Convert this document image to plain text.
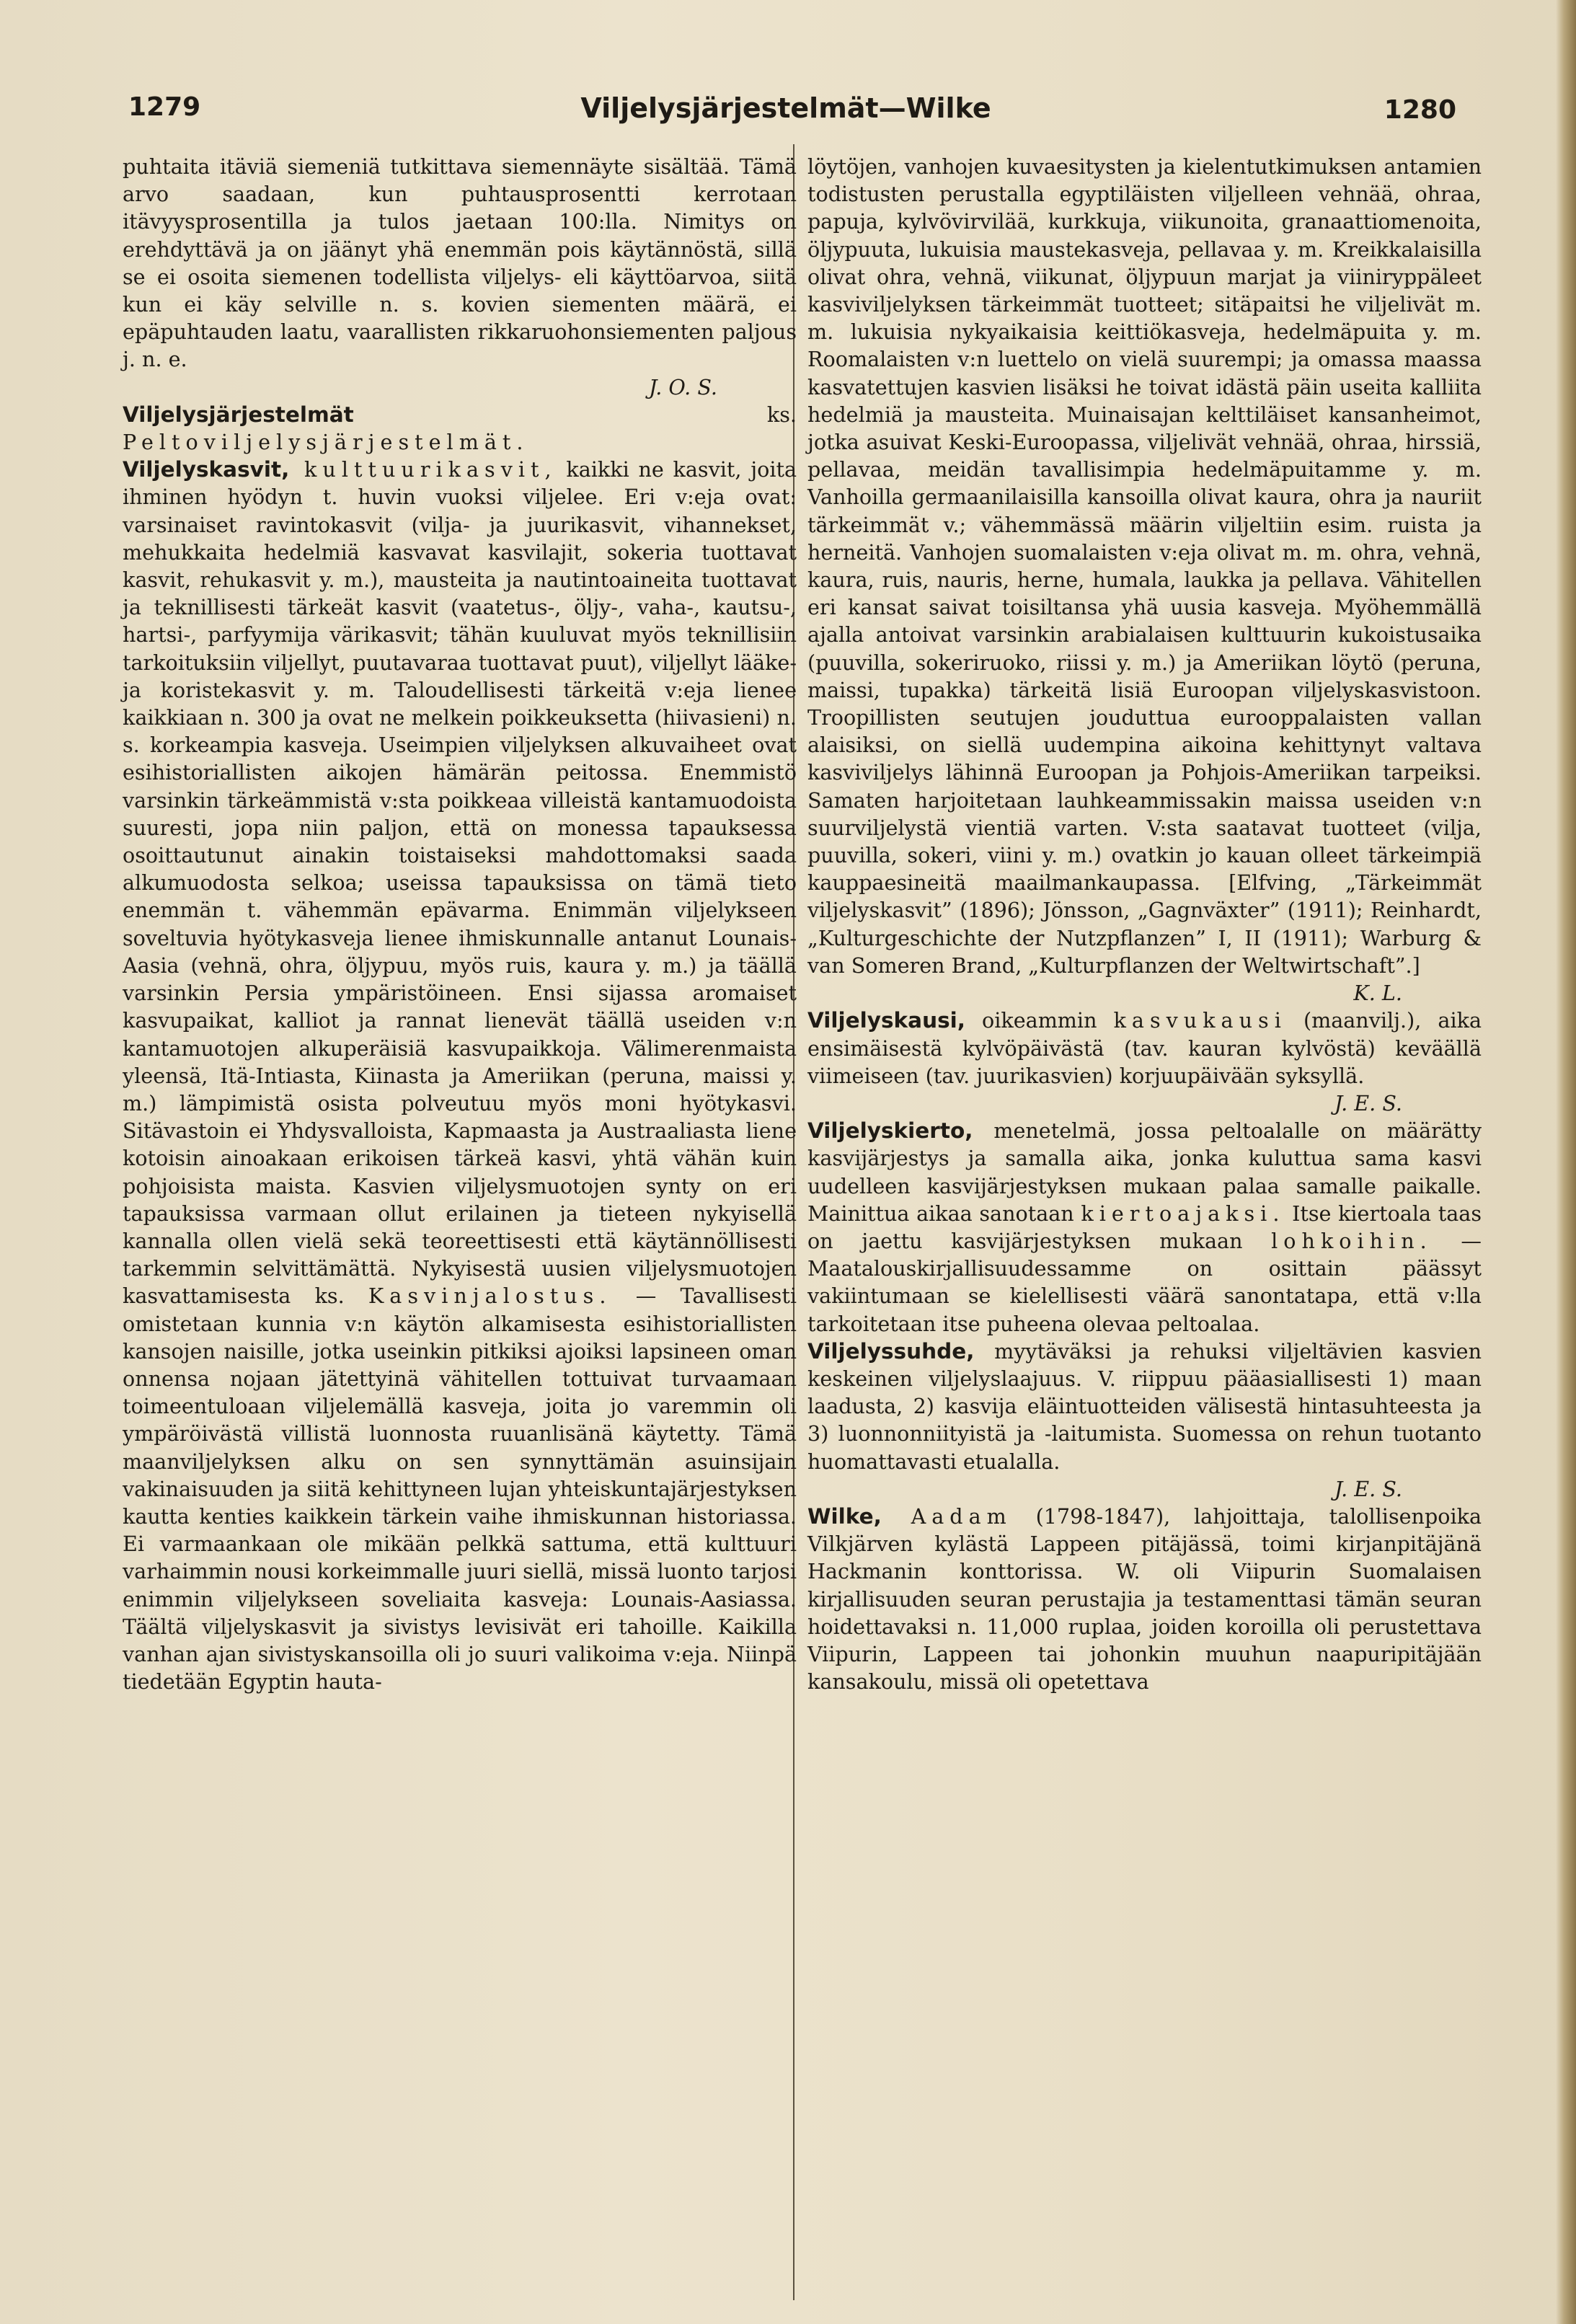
1279	Viljelysjärjestelmät—Wilke	1280

puhtaita itäviä siemeniä tutkittava siemennäyte sisältää. Tämä arvo saadaan, kun puhtausprosentti kerrotaan itävyysprosentilla ja tulos jaetaan 100:lla. Nimitys on erehdyttävä ja on jäänyt yhä enemmän pois käytännöstä, sillä se ei osoita siemenen todellista viljelys- eli käyttöarvoa, siitä kun ei käy selville n. s. kovien siementen määrä, ei epäpuhtauden laatu, vaarallisten rikkaruohonsiementen paljous j. n. e.

J. O. S.

Viljelysjärjestelmät ks. Peltoviljelysjärjestelmät.

Viljelyskasvit, kulttuurikasvit, kaikki ne kasvit, joita ihminen hyödyn t. huvin vuoksi viljelee. Eri v:eja ovat: varsinaiset ravintokasvit (vilja- ja juurikasvit, vihannekset, mehukkaita hedelmiä kasvavat kasvilajit, sokeria tuottavat kasvit, rehukasvit y. m.), mausteita ja nautintoaineita tuottavat ja teknillisesti tärkeät kasvit (vaatetus-, öljy-, vaha-, kautsu-, hartsi-, parfyymija värikasvit; tähän kuuluvat myös teknillisiin tarkoituksiin viljellyt, puutavaraa tuottavat puut), viljellyt lääke- ja koristekasvit y. m. Taloudellisesti tärkeitä v:eja lienee kaikkiaan n. 300 ja ovat ne melkein poikkeuksetta (hiivasieni) n. s. korkeampia kasveja. Useimpien viljelyksen alkuvaiheet ovat esihistoriallisten aikojen hämärän peitossa. Enemmistö varsinkin tärkeämmistä v:sta poikkeaa villeistä kantamuodoista suuresti, jopa niin paljon, että on monessa tapauksessa osoittautunut ainakin toistaiseksi mahdottomaksi saada alkumuodosta selkoa; useissa tapauksissa on tämä tieto enemmän t. vähemmän epävarma. Enimmän viljelykseen soveltuvia hyötykasveja lienee ihmiskunnalle antanut Lounais-Aasia (vehnä, ohra, öljypuu, myös ruis, kaura y. m.) ja täällä varsinkin Persia ympäristöineen. Ensi sijassa aromaiset kasvupaikat, kalliot ja rannat lienevät täällä useiden v:n kantamuotojen alkuperäisiä kasvupaikkoja. Välimerenmaista yleensä, Itä-Intiasta, Kiinasta ja Ameriikan (peruna, maissi y. m.) lämpimistä osista polveutuu myös moni hyötykasvi. Sitävastoin ei Yhdysvalloista, Kapmaasta ja Austraaliasta liene kotoisin ainoakaan erikoisen tärkeä kasvi, yhtä vähän kuin pohjoisista maista. Kasvien viljelysmuotojen synty on eri tapauksissa varmaan ollut erilainen ja tieteen nykyisellä kannalla ollen vielä sekä teoreettisesti että käytännöllisesti tarkemmin selvittämättä. Nykyisestä uusien viljelysmuotojen kasvattamisesta ks. Kasvinjalostus. — Tavallisesti omistetaan kunnia v:n käytön alkamisesta esihistoriallisten kansojen naisille, jotka useinkin pitkiksi ajoiksi lapsineen oman onnensa nojaan jätettyinä vähitellen tottuivat turvaamaan toimeentuloaan viljelemällä kasveja, joita jo varemmin oli ympäröivästä villistä luonnosta ruuanlisänä käytetty. Tämä maanviljelyksen alku on sen synnyttämän asuinsijain vakinaisuuden ja siitä kehittyneen lujan yhteiskuntajärjestyksen kautta kenties kaikkein tärkein vaihe ihmiskunnan historiassa. Ei varmaankaan ole mikään pelkkä sattuma, että kulttuuri varhaimmin nousi korkeimmalle juuri siellä, missä luonto tarjosi enimmin viljelykseen soveliaita kasveja: Lounais-Aasiassa. Täältä viljelyskasvit ja sivistys levisivät eri tahoille. Kaikilla vanhan ajan sivistyskansoilla oli jo suuri valikoima v:eja. Niinpä tiedetään Egyptin hauta-

löytöjen, vanhojen kuvaesitysten ja kielentutkimuksen antamien todistusten perustalla egyptiläisten viljelleen vehnää, ohraa, papuja, kylvövirvilää, kurkkuja, viikunoita, granaattiomenoita, öljypuuta, lukuisia maustekasveja, pellavaa y. m. Kreikkalaisilla olivat ohra, vehnä, viikunat, öljypuun marjat ja viiniryppäleet kasviviljelyksen tärkeimmät tuotteet; sitäpaitsi he viljelivät m. m. lukuisia nykyaikaisia keittiökasveja, hedelmäpuita y. m. Roomalaisten v:n luettelo on vielä suurempi; ja omassa maassa kasvatettujen kasvien lisäksi he toivat idästä päin useita kalliita hedelmiä ja mausteita. Muinaisajan kelttiläiset kansanheimot, jotka asuivat Keski-Euroopassa, viljelivät vehnää, ohraa, hirssiä, pellavaa, meidän tavallisimpia hedelmäpuitamme y. m. Vanhoilla germaanilaisilla kansoilla olivat kaura, ohra ja nauriit tärkeimmät v.; vähemmässä määrin viljeltiin esim. ruista ja herneitä. Vanhojen suomalaisten v:eja olivat m. m. ohra, vehnä, kaura, ruis, nauris, herne, humala, laukka ja pellava. Vähitellen eri kansat saivat toisiltansa yhä uusia kasveja. Myöhemmällä ajalla antoivat varsinkin arabialaisen kulttuurin kukoistusaika (puuvilla, sokeriruoko, riissi y. m.) ja Ameriikan löytö (peruna, maissi, tupakka) tärkeitä lisiä Euroopan viljelyskasvistoon. Troopillisten seutujen jouduttua eurooppalaisten vallan alaisiksi, on siellä uudempina aikoina kehittynyt valtava kasviviljelys lähinnä Euroopan ja Pohjois-Ameriikan tarpeiksi. Samaten harjoitetaan lauhkeammissakin maissa useiden v:n suurviljelystä vientiä varten. V:sta saatavat tuotteet (vilja, puuvilla, sokeri, viini y. m.) ovatkin jo kauan olleet tärkeimpiä kauppaesineitä maailmankaupassa. [Elfving, „Tärkeimmät viljelyskasvit” (1896); Jönsson, „Gagnväxter” (1911); Reinhardt, „Kulturgeschichte der Nutzpflanzen” I, II (1911); Warburg & van Someren Brand, „Kulturpflanzen der Weltwirtschaft”.]

K. L.

Viljelyskausi, oikeammin kasvukausi (maanvilj.), aika ensimäisestä kylvöpäivästä (tav. kauran kylvöstä) keväällä viimeiseen (tav. juurikasvien) korjuupäivään syksyllä.

J. E. S.

Viljelyskierto, menetelmä, jossa peltoalalle on määrätty kasvijärjestys ja samalla aika, jonka kuluttua sama kasvi uudelleen kasvijärjestyksen mukaan palaa samalle paikalle. Mainittua aikaa sanotaan kiertoajaksi. Itse kiertoala taas on jaettu kasvijärjestyksen mukaan lohkoihin. — Maatalouskirjallisuudessamme on osittain päässyt vakiintumaan se kielellisesti väärä sanontatapa, että v:lla tarkoitetaan itse puheena olevaa peltoalaa.

Viljelyssuhde, myytäväksi ja rehuksi viljeltävien kasvien keskeinen viljelyslaajuus. V. riippuu pääasiallisesti 1) maan laadusta, 2) kasvija eläintuotteiden välisestä hintasuhteesta ja 3) luonnonniityistä ja -laitumista. Suomessa on rehun tuotanto huomattavasti etualalla.

J. E. S.

Wilke, Aadam (1798-1847), lahjoittaja, talollisenpoika Vilkjärven kylästä Lappeen pitäjässä, toimi kirjanpitäjänä Hackmanin konttorissa. W. oli Viipurin Suomalaisen kirjallisuuden seuran perustajia ja testamenttasi tämän seuran hoidettavaksi n. 11,000 ruplaa, joiden koroilla oli perustettava Viipurin, Lappeen tai johonkin muuhun naapuripitäjään kansakoulu, missä oli opetettava
